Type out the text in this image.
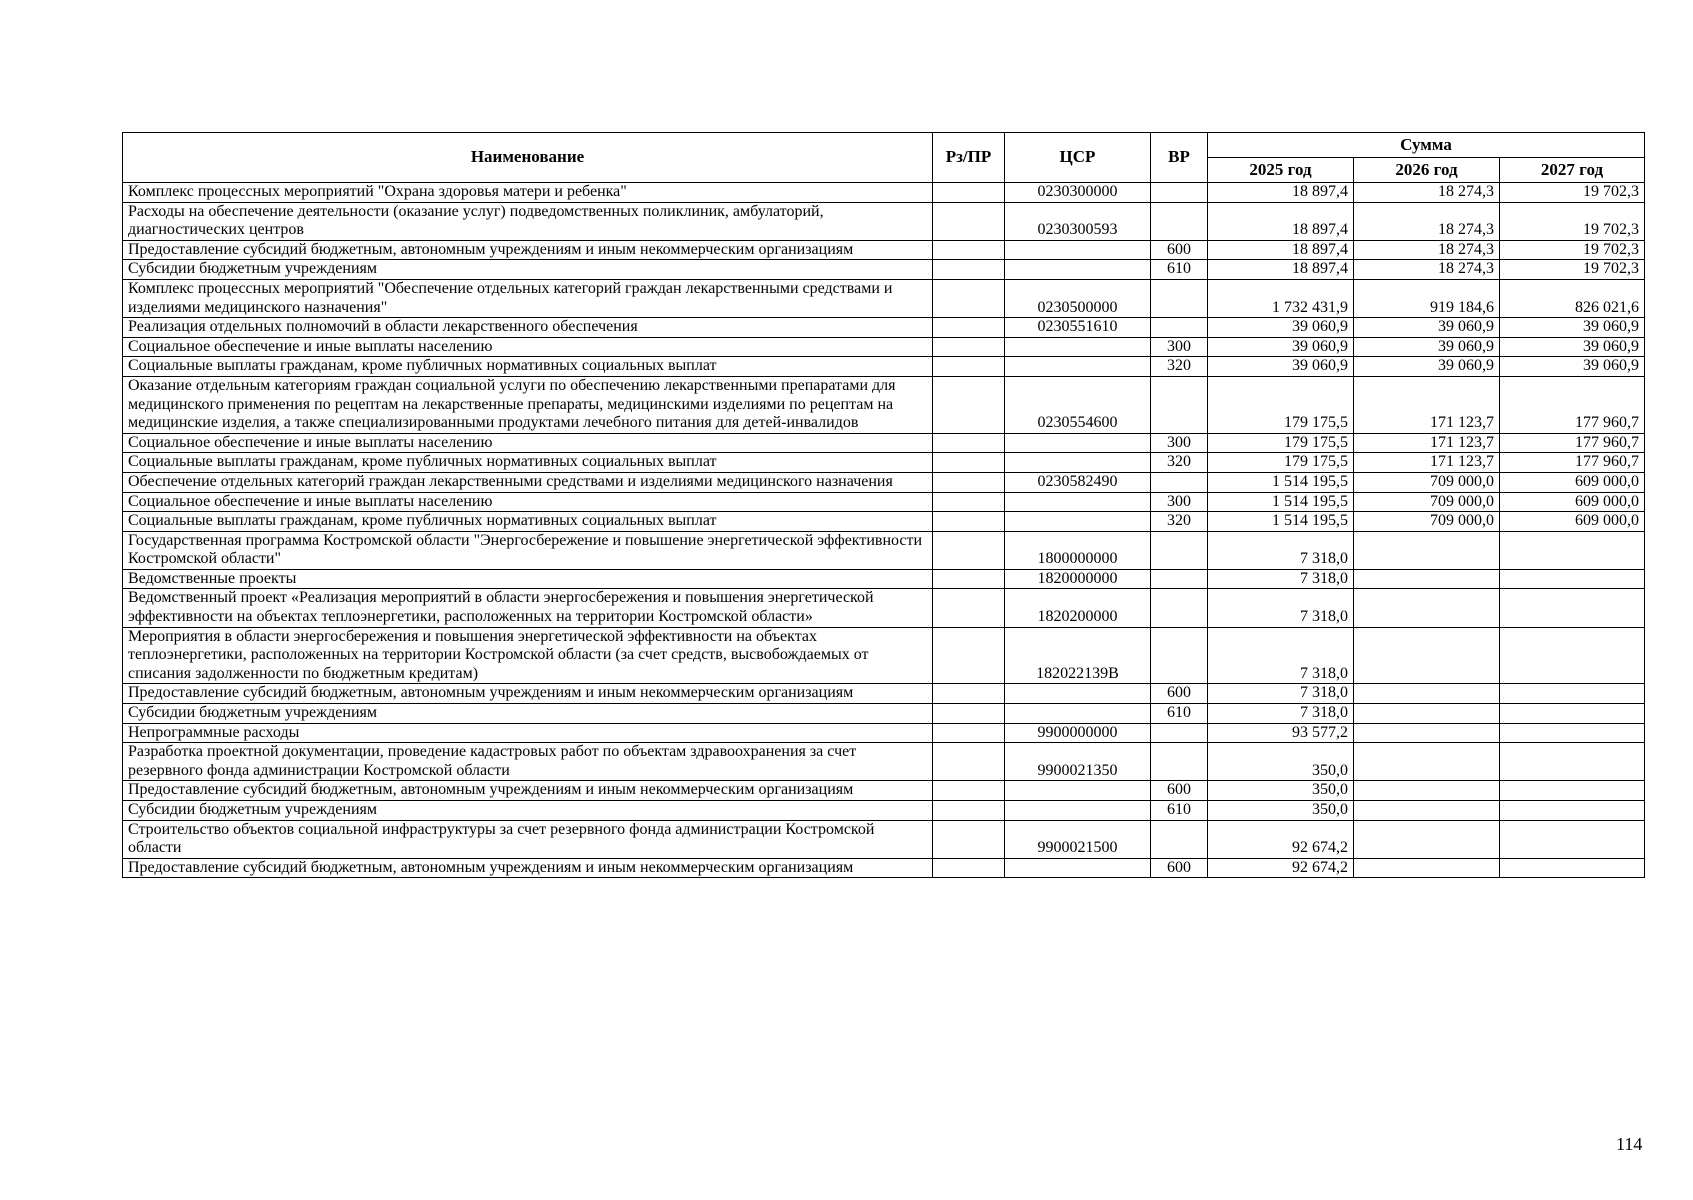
Наименование	Рз/ПР	ЦСР	ВР	Сумма		
				2025 год	2026 год	2027 год
Комплекс процессных мероприятий "Охрана здоровья матери и ребенка"		0230300000		18 897,4	18 274,3	19 702,3
Расходы на обеспечение деятельности (оказание услуг) подведомственных поликлиник, амбулаторий, диагностических центров		0230300593		18 897,4	18 274,3	19 702,3
Предоставление субсидий бюджетным, автономным учреждениям и иным некоммерческим организациям			600	18 897,4	18 274,3	19 702,3
Субсидии бюджетным учреждениям			610	18 897,4	18 274,3	19 702,3
Комплекс процессных мероприятий "Обеспечение отдельных категорий граждан лекарственными средствами и изделиями медицинского назначения"		0230500000		1 732 431,9	919 184,6	826 021,6
Реализация отдельных полномочий в области лекарственного обеспечения		0230551610		39 060,9	39 060,9	39 060,9
Социальное обеспечение и иные выплаты населению			300	39 060,9	39 060,9	39 060,9
Социальные выплаты гражданам, кроме публичных нормативных социальных выплат			320	39 060,9	39 060,9	39 060,9
Оказание отдельным категориям граждан социальной услуги по обеспечению лекарственными препаратами для медицинского применения по рецептам на лекарственные препараты, медицинскими изделиями по рецептам на медицинские изделия, а также специализированными продуктами лечебного питания для детей-инвалидов		0230554600		179 175,5	171 123,7	177 960,7
Социальное обеспечение и иные выплаты населению			300	179 175,5	171 123,7	177 960,7
Социальные выплаты гражданам, кроме публичных нормативных социальных выплат			320	179 175,5	171 123,7	177 960,7
Обеспечение отдельных категорий граждан лекарственными средствами и изделиями медицинского назначения		0230582490		1 514 195,5	709 000,0	609 000,0
Социальное обеспечение и иные выплаты населению			300	1 514 195,5	709 000,0	609 000,0
Социальные выплаты гражданам, кроме публичных нормативных социальных выплат			320	1 514 195,5	709 000,0	609 000,0
Государственная программа Костромской области "Энергосбережение и повышение энергетической эффективности Костромской области"		1800000000		7 318,0		
Ведомственные проекты		1820000000		7 318,0		
Ведомственный проект «Реализация мероприятий в области энергосбережения и повышения энергетической эффективности на объектах теплоэнергетики, расположенных на территории Костромской области»		1820200000		7 318,0		
Мероприятия в области энергосбережения и повышения энергетической эффективности на объектах теплоэнергетики, расположенных на территории Костромской области (за счет средств, высвобождаемых от списания задолженности по бюджетным кредитам)		182022139В		7 318,0		
Предоставление субсидий бюджетным, автономным учреждениям и иным некоммерческим организациям			600	7 318,0		
Субсидии бюджетным учреждениям			610	7 318,0		
Непрограммные расходы		9900000000		93 577,2		
Разработка проектной документации, проведение кадастровых работ по объектам здравоохранения за счет резервного фонда администрации Костромской области		9900021350		350,0		
Предоставление субсидий бюджетным, автономным учреждениям и иным некоммерческим организациям			600	350,0		
Субсидии бюджетным учреждениям			610	350,0		
Строительство объектов социальной инфраструктуры за счет резервного фонда администрации Костромской области		9900021500		92 674,2		
Предоставление субсидий бюджетным, автономным учреждениям и иным некоммерческим организациям			600	92 674,2		
114
